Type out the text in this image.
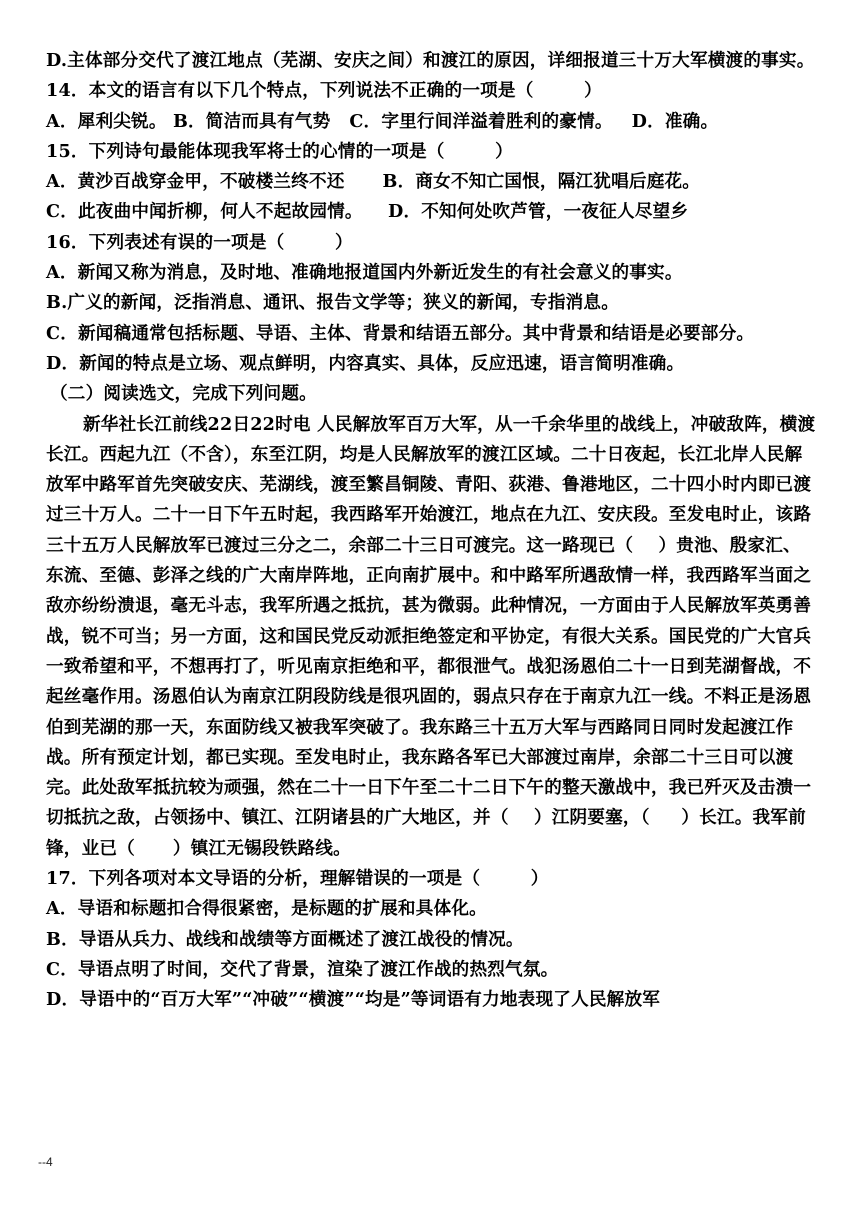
D.主体部分交代了渡江地点（芜湖、安庆之间）和渡江的原因，详细报道三十万大军横渡的事实。

14．本文的语言有以下几个特点，下列说法不正确的一项是（        ）

A．犀利尖锐。 B．简洁而具有气势   C．字里行间洋溢着胜利的豪情。   D．准确。

15．下列诗句最能体现我军将士的心情的一项是（        ）

A．黄沙百战穿金甲，不破楼兰终不还      B．商女不知亡国恨，隔江犹唱后庭花。

C．此夜曲中闻折柳，何人不起故园情。    D．不知何处吹芦管，一夜征人尽望乡

16．下列表述有误的一项是（        ）

A．新闻又称为消息，及时地、准确地报道国内外新近发生的有社会意义的事实。

B.广义的新闻，泛指消息、通讯、报告文学等；狭义的新闻，专指消息。

C．新闻稿通常包括标题、导语、主体、背景和结语五部分。其中背景和结语是必要部分。

D．新闻的特点是立场、观点鲜明，内容真实、具体，反应迅速，语言简明准确。

（二）阅读选文，完成下列问题。

新华社长江前线22日22时电 人民解放军百万大军，从一千余华里的战线上，冲破敌阵，横渡长江。西起九江（不含），东至江阴，均是人民解放军的渡江区域。二十日夜起，长江北岸人民解放军中路军首先突破安庆、芜湖线，渡至繁昌铜陵、青阳、荻港、鲁港地区，二十四小时内即已渡过三十万人。二十一日下午五时起，我西路军开始渡江，地点在九江、安庆段。至发电时止，该路三十五万人民解放军已渡过三分之二，余部二十三日可渡完。这一路现已（    ）贵池、殷家汇、东流、至德、彭泽之线的广大南岸阵地，正向南扩展中。和中路军所遇敌情一样，我西路军当面之敌亦纷纷溃退，毫无斗志，我军所遇之抵抗，甚为微弱。此种情况，一方面由于人民解放军英勇善战，锐不可当；另一方面，这和国民党反动派拒绝签定和平协定，有很大关系。国民党的广大官兵一致希望和平，不想再打了，听见南京拒绝和平，都很泄气。战犯汤恩伯二十一日到芜湖督战，不起丝毫作用。汤恩伯认为南京江阴段防线是很巩固的，弱点只存在于南京九江一线。不料正是汤恩伯到芜湖的那一天，东面防线又被我军突破了。我东路三十五万大军与西路同日同时发起渡江作战。所有预定计划，都已实现。至发电时止，我东路各军已大部渡过南岸，余部二十三日可以渡完。此处敌军抵抗较为顽强，然在二十一日下午至二十二日下午的整天激战中，我已歼灭及击溃一切抵抗之敌，占领扬中、镇江、江阴诸县的广大地区，并（    ）江阴要塞，（     ）长江。我军前锋，业已（      ）镇江无锡段铁路线。

17．下列各项对本文导语的分析，理解错误的一项是（        ）

A．导语和标题扣合得很紧密，是标题的扩展和具体化。

B．导语从兵力、战线和战绩等方面概述了渡江战役的情况。

C．导语点明了时间，交代了背景，渲染了渡江作战的热烈气氛。

D．导语中的“百万大军”“冲破”“横渡”“均是”等词语有力地表现了人民解放军

--4
